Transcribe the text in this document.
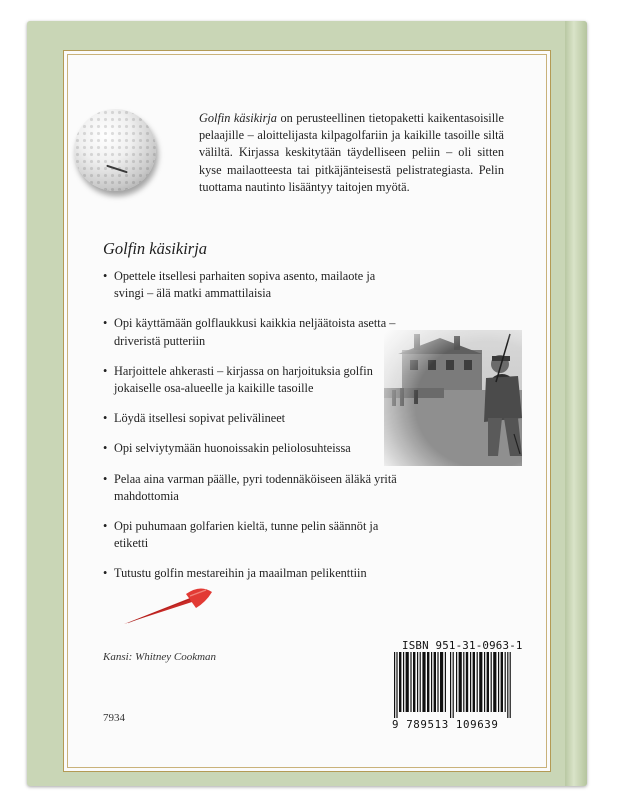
Golfin käsikirja on perusteellinen tietopaketti kaikentasoisille pelaajille – aloittelijasta kilpagolfariin ja kaikille tasoille siltä väliltä. Kirjassa keskitytään täydelliseen peliin – oli sitten kyse mailaotteesta tai pitkäjänteisestä pelistrategiasta. Pelin tuottama nautinto lisääntyy taitojen myötä.

Golfin käsikirja
• Opettele itsellesi parhaiten sopiva asento, mailaote ja svingi – älä matki ammattilaisia
• Opi käyttämään golflaukkusi kaikkia neljäätoista asetta – driveristä putteriin
• Harjoittele ahkerasti – kirjassa on harjoituksia golfin jokaiselle osa-alueelle ja kaikille tasoille
• Löydä itsellesi sopivat pelivälineet
• Opi selviytymään huonoissakin peliolosuhteissa
• Pelaa aina varman päälle, pyri todennäköiseen äläkä yritä mahdottomia
• Opi puhumaan golfarien kieltä, tunne pelin säännöt ja etiketti
• Tutustu golfin mestareihin ja maailman pelikenttiin

Kansi: Whitney Cookman

7934

ISBN 951-31-0963-1

9 789513 109639
